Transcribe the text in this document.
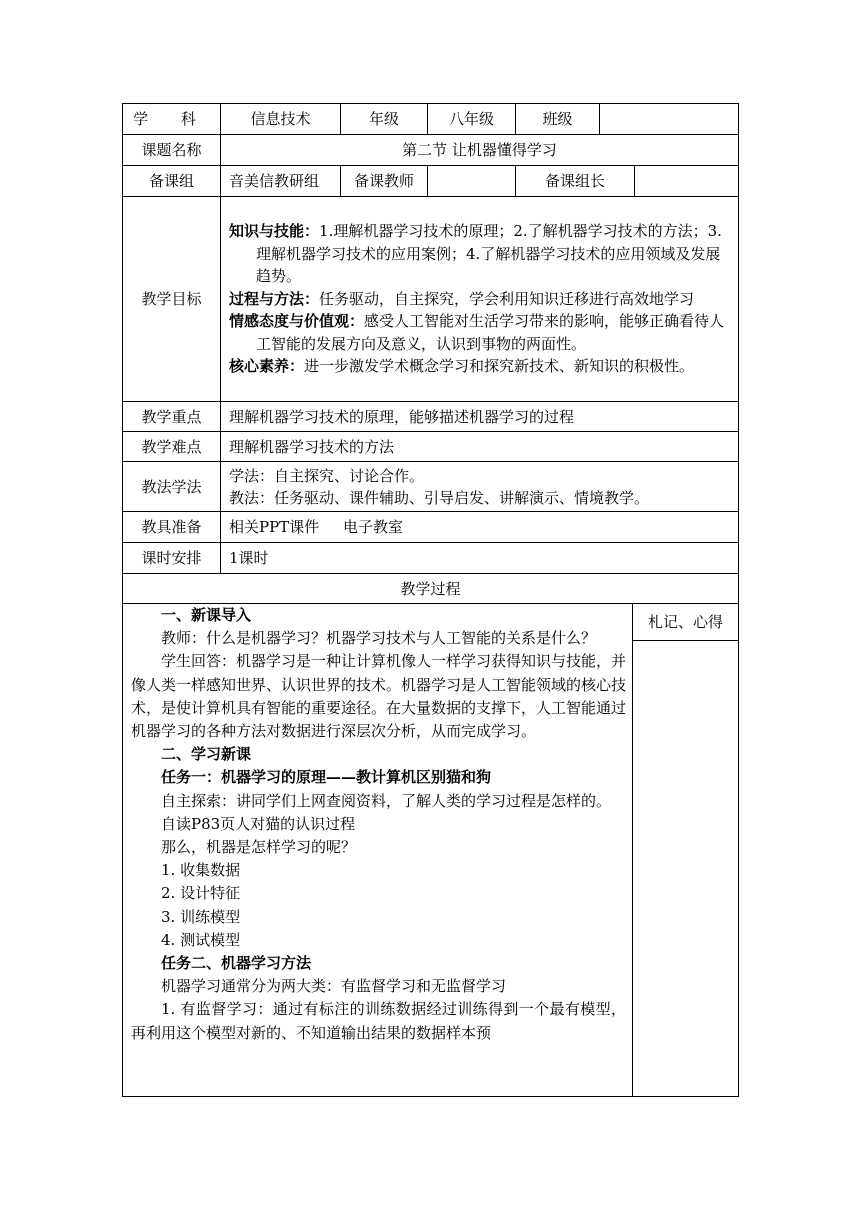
学 科	信息技术	年级	八年级	班级		
课题名称	第二节 让机器懂得学习					
备课组	音美信教研组	备课教师		备课组长		
教学目标	知识与技能：1.理解机器学习技术的原理；2.了解机器学习技术的方法；3.理解机器学习技术的应用案例；4.了解机器学习技术的应用领域及发展趋势。

过程与方法：任务驱动，自主探究，学会利用知识迁移进行高效地学习

情感态度与价值观：感受人工智能对生活学习带来的影响，能够正确看待人工智能的发展方向及意义，认识到事物的两面性。

核心素养：进一步激发学术概念学习和探究新技术、新知识的积极性。					

教学重点	理解机器学习技术的原理，能够描述机器学习的过程					
教学难点	理解机器学习技术的方法					
教法学法	学法：自主探究、讨论合作。
教法：任务驱动、课件辅助、引导启发、讲解演示、情境教学。					

教具准备	相关PPT课件     电子教室					
课时安排	1课时					
教学过程						

一、新课导入

教师：什么是机器学习？机器学习技术与人工智能的关系是什么？

学生回答：机器学习是一种让计算机像人一样学习获得知识与技能，并像人类一样感知世界、认识世界的技术。机器学习是人工智能领域的核心技术，是使计算机具有智能的重要途径。在大量数据的支撑下，人工智能通过机器学习的各种方法对数据进行深层次分析，从而完成学习。

二、学习新课

任务一：机器学习的原理——教计算机区别猫和狗

自主探索：讲同学们上网查阅资料，了解人类的学习过程是怎样的。

自读P83页人对猫的认识过程

那么，机器是怎样学习的呢？

1. 收集数据

2. 设计特征

3. 训练模型

4. 测试模型

任务二、机器学习方法

机器学习通常分为两大类：有监督学习和无监督学习

1. 有监督学习：通过有标注的训练数据经过训练得到一个最有模型，再利用这个模型对新的、不知道输出结果的数据样本预

	札记、心得
